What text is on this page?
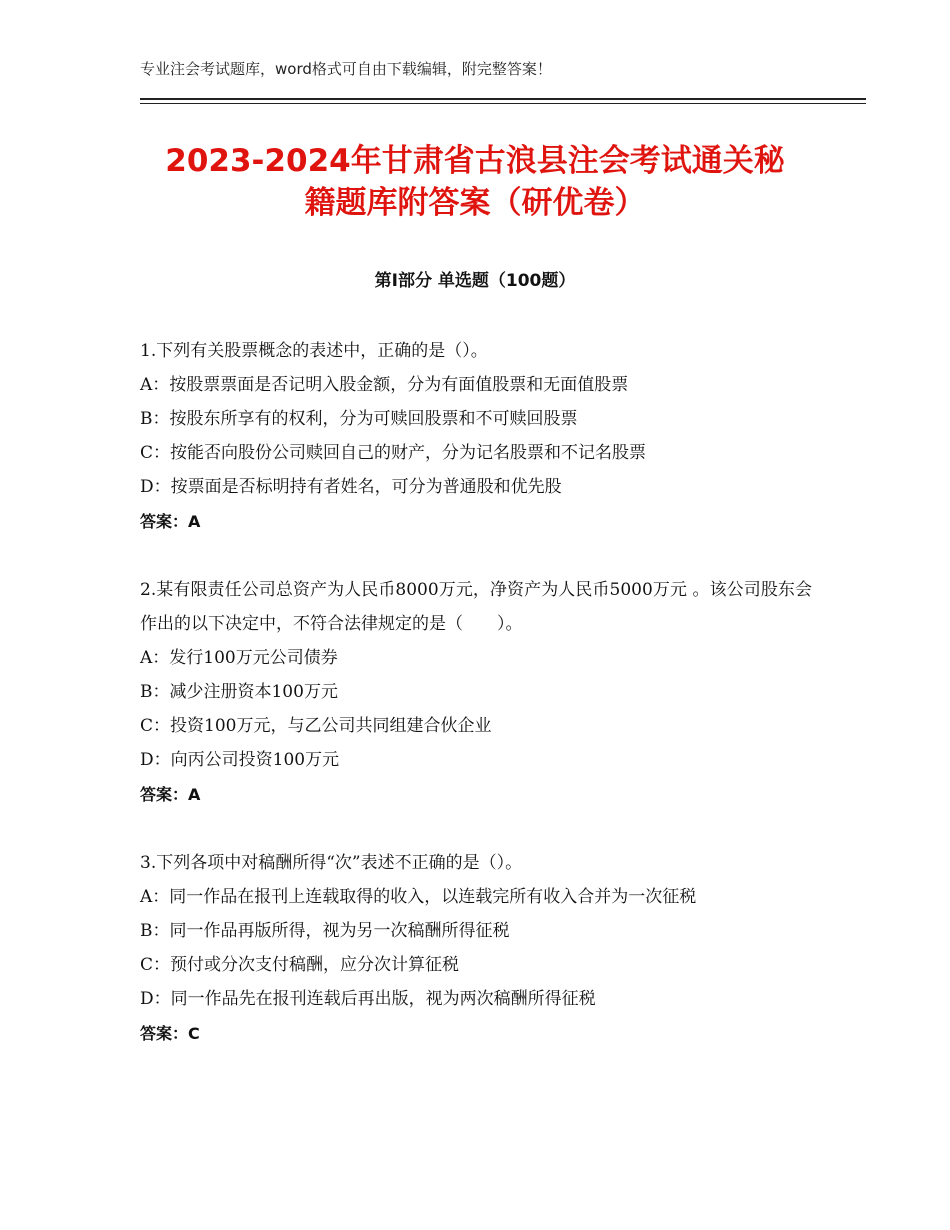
专业注会考试题库，word格式可自由下载编辑，附完整答案！
2023-2024年甘肃省古浪县注会考试通关秘
籍题库附答案（研优卷）
第Ⅰ部分 单选题（100题）
1.下列有关股票概念的表述中，正确的是（）。
A：按股票票面是否记明入股金额，分为有面值股票和无面值股票
B：按股东所享有的权利，分为可赎回股票和不可赎回股票
C：按能否向股份公司赎回自己的财产，分为记名股票和不记名股票
D：按票面是否标明持有者姓名，可分为普通股和优先股
答案：A
2.某有限责任公司总资产为人民币8000万元，净资产为人民币5000万元 。该公司股东会作出的以下决定中，不符合法律规定的是（　　）。
A：发行100万元公司债券
B：减少注册资本100万元
C：投资100万元，与乙公司共同组建合伙企业
D：向丙公司投资100万元
答案：A
3.下列各项中对稿酬所得“次”表述不正确的是（）。
A：同一作品在报刊上连载取得的收入，以连载完所有收入合并为一次征税
B：同一作品再版所得，视为另一次稿酬所得征税
C：预付或分次支付稿酬，应分次计算征税
D：同一作品先在报刊连载后再出版，视为两次稿酬所得征税
答案：C
